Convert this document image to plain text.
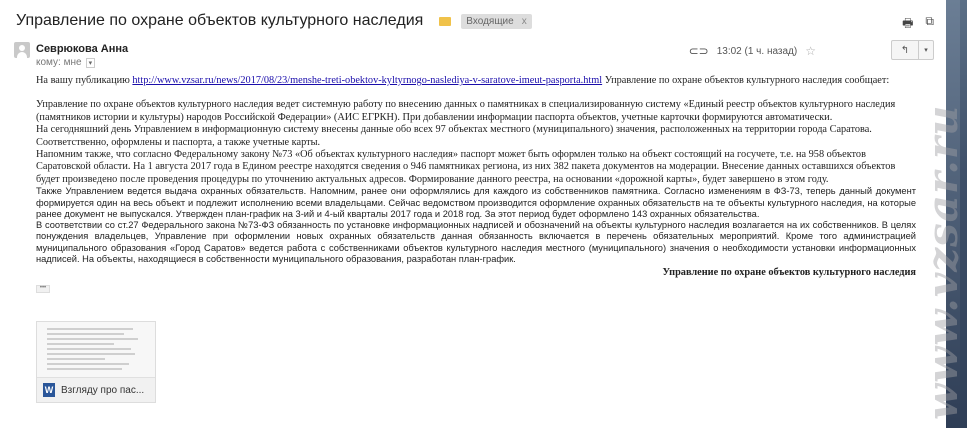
Управление по охране объектов культурного наследия	Входящие x	🖶 ⧉
Севрюкова Анна
кому: мне	▾
⊂⊃ 13:02 (1 ч. назад) ☆	↰ ▾
На вашу публикацию http://www.vzsar.ru/news/2017/08/23/menshe-treti-obektov-kyltyrnogo-naslediya-v-saratove-imeut-pasporta.html Управление по охране объектов культурного наследия сообщает:
Управление по охране объектов культурного наследия ведет системную работу по внесению данных о памятниках в специализированную систему «Единый реестр объектов культурного наследия (памятников истории и культуры) народов Российской Федерации» (АИС ЕГРКН). При добавлении информации паспорта объектов, учетные карточки формируются автоматически.
На сегодняшний день Управлением в информационную систему внесены данные обо всех 97 объектах местного (муниципального) значения, расположенных на территории города Саратова.
Соответственно, оформлены и паспорта, а также учетные карты.
Напомним также, что согласно Федеральному закону №73 «Об объектах культурного наследия» паспорт может быть оформлен только на объект состоящий на госучете, т.е. на 958 объектов Саратовской области. На 1 августа 2017 года в Едином реестре находятся сведения о 946 памятниках региона, из них 382 пакета документов на модерации. Внесение данных оставшихся объектов будет произведено после проведения процедуры по уточнению актуальных адресов. Формирование данного реестра, на основании «дорожной карты», будет завершено в этом году.
Также Управлением ведется выдача охранных обязательств. Напомним, ранее они оформлялись для каждого из собственников памятника. Согласно изменениям в ФЗ-73, теперь данный документ формируется один на весь объект и подлежит исполнению всеми владельцами. Сейчас ведомством производится оформление охранных обязательств на те объекты культурного наследия, на которые ранее документ не выпускался. Утвержден план-график на 3-ий и 4-ый кварталы 2017 года и 2018 год. За этот период будет оформлено 143 охранных обязательства.
В соответствии со ст.27 Федерального закона №73-ФЗ обязанность по установке информационных надписей и обозначений на объекты культурного наследия возлагается на их собственников. В целях понуждения владельцев, Управление при оформлении новых охранных обязательств данная обязанность включается в перечень обязательных мероприятий. Кроме того администрацией муниципального образования «Город Саратов» ведется работа с собственниками объектов культурного наследия местного (муниципального) значения о необходимости установки информационных надписей. На объекты, находящиеся в собственности муниципального образования, разработан план-график.
Управление по охране объектов культурного наследия
•••
W Взгляду про пас...	www.vzsar.ru
